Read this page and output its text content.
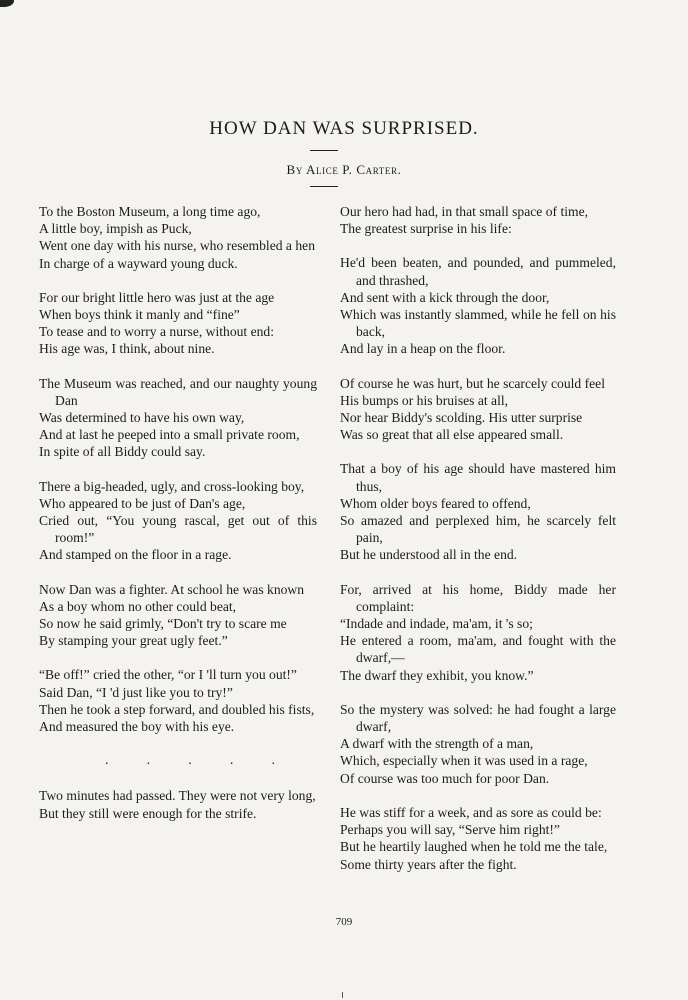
HOW DAN WAS SURPRISED.
By Alice P. Carter.
To the Boston Museum, a long time ago,
A little boy, impish as Puck,
Went one day with his nurse, who resembled a hen
In charge of a wayward young duck.
For our bright little hero was just at the age
When boys think it manly and “fine”
To tease and to worry a nurse, without end:
His age was, I think, about nine.
The Museum was reached, and our naughty young Dan
Was determined to have his own way,
And at last he peeped into a small private room,
In spite of all Biddy could say.
There a big-headed, ugly, and cross-looking boy,
Who appeared to be just of Dan's age,
Cried out, “You young rascal, get out of this room!”
And stamped on the floor in a rage.
Now Dan was a fighter. At school he was known
As a boy whom no other could beat,
So now he said grimly, “Don't try to scare me
By stamping your great ugly feet.”
“Be off!” cried the other, “or I 'll turn you out!”
Said Dan, “I 'd just like you to try!”
Then he took a step forward, and doubled his fists,
And measured the boy with his eye.
.	.	.	.	.
Two minutes had passed. They were not very long,
But they still were enough for the strife.
Our hero had had, in that small space of time,
The greatest surprise in his life:
He'd been beaten, and pounded, and pummeled, and thrashed,
And sent with a kick through the door,
Which was instantly slammed, while he fell on his back,
And lay in a heap on the floor.
Of course he was hurt, but he scarcely could feel
His bumps or his bruises at all,
Nor hear Biddy's scolding. His utter surprise
Was so great that all else appeared small.
That a boy of his age should have mastered him thus,
Whom older boys feared to offend,
So amazed and perplexed him, he scarcely felt pain,
But he understood all in the end.
For, arrived at his home, Biddy made her complaint:
“Indade and indade, ma'am, it 's so;
He entered a room, ma'am, and fought with the dwarf,—
The dwarf they exhibit, you know.”
So the mystery was solved: he had fought a large dwarf,
A dwarf with the strength of a man,
Which, especially when it was used in a rage,
Of course was too much for poor Dan.
He was stiff for a week, and as sore as could be:
Perhaps you will say, “Serve him right!”
But he heartily laughed when he told me the tale,
Some thirty years after the fight.
709
